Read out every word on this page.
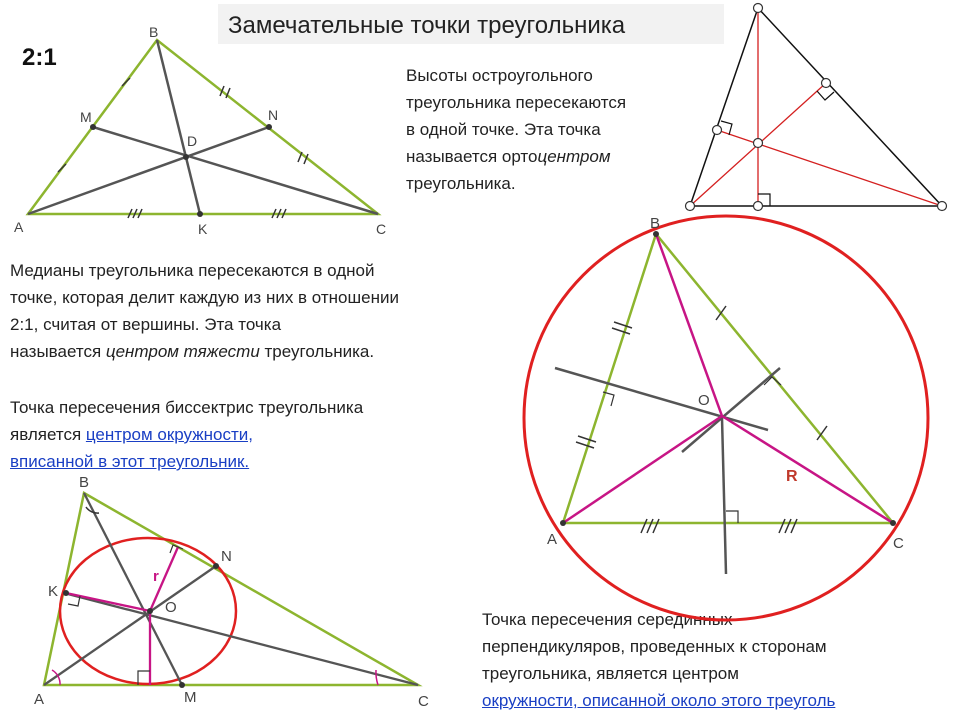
Замечательные точки треугольника
2:1
Высоты остроугольного
треугольника пересекаются
в одной точке. Эта точка
называется ортоцентром
треугольника.
Медианы треугольника пересекаются в одной
точке, которая делит каждую из них в отношении
2:1, считая от вершины. Эта точка
называется центром тяжести треугольника.
Точка пересечения биссектрис треугольника
является центром окружности,
вписанной в этот треугольник.
Точка пересечения серединных
перпендикуляров, проведенных к сторонам
треугольника, является центром
окружности, описанной около этого треуголь
B
M	N
D
A	K	C	B
A	C
O
R
B
N
K
O
r
A	M	C
